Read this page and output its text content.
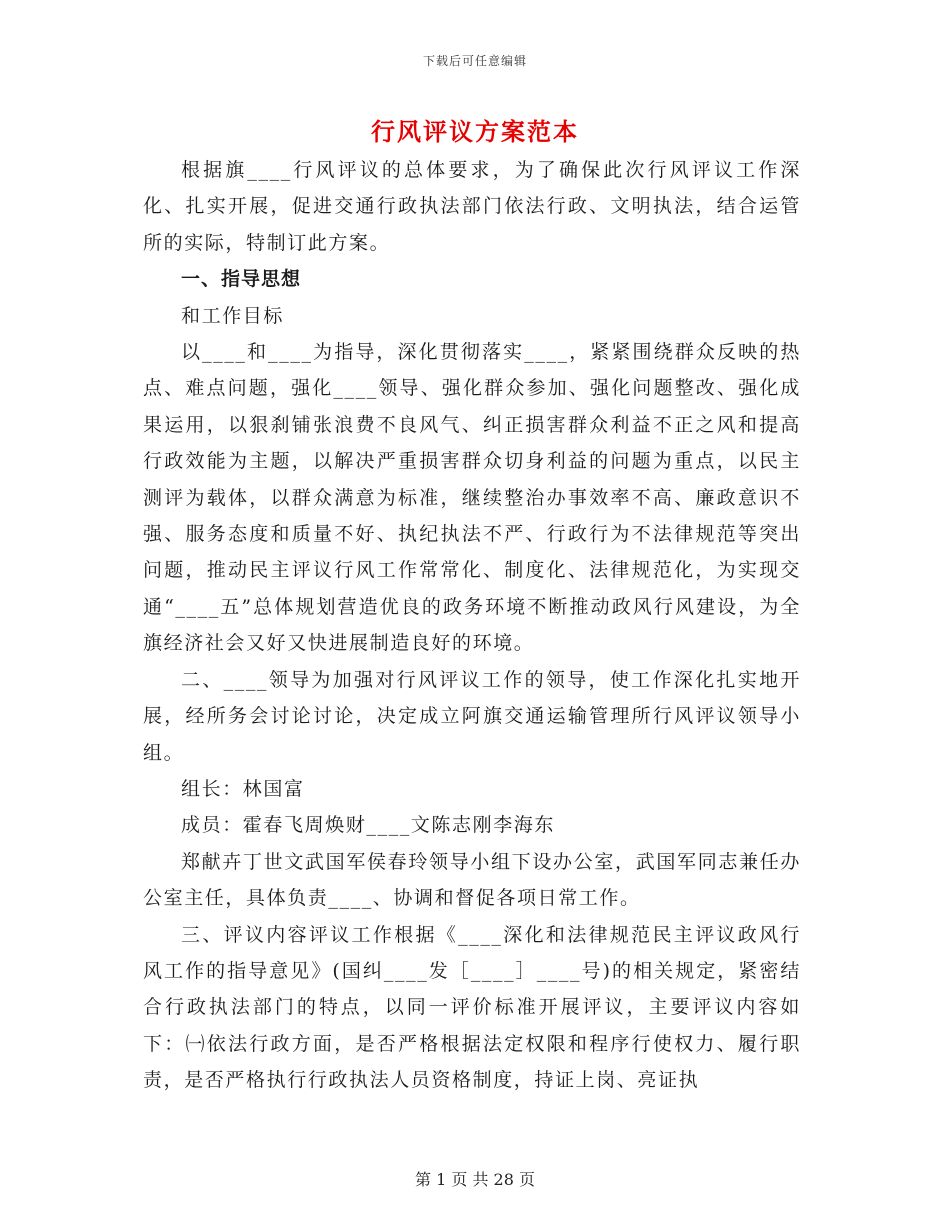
下载后可任意编辑
行风评议方案范本

根据旗____行风评议的总体要求，为了确保此次行风评议工作深化、扎实开展，促进交通行政执法部门依法行政、文明执法，结合运管所的实际，特制订此方案。

一、指导思想

和工作目标

以____和____为指导，深化贯彻落实____，紧紧围绕群众反映的热点、难点问题，强化____领导、强化群众参加、强化问题整改、强化成果运用，以狠刹铺张浪费不良风气、纠正损害群众利益不正之风和提高行政效能为主题，以解决严重损害群众切身利益的问题为重点，以民主测评为载体，以群众满意为标准，继续整治办事效率不高、廉政意识不强、服务态度和质量不好、执纪执法不严、行政行为不法律规范等突出问题，推动民主评议行风工作常常化、制度化、法律规范化，为实现交通“____五”总体规划营造优良的政务环境不断推动政风行风建设，为全旗经济社会又好又快进展制造良好的环境。

二、____领导为加强对行风评议工作的领导，使工作深化扎实地开展，经所务会讨论讨论，决定成立阿旗交通运输管理所行风评议领导小组。

组长：林国富

成员：霍春飞周焕财____文陈志刚李海东

郑献卉丁世文武国军侯春玲领导小组下设办公室，武国军同志兼任办公室主任，具体负责____、协调和督促各项日常工作。

三、评议内容评议工作根据《____深化和法律规范民主评议政风行风工作的指导意见》(国纠____发［____］____号)的相关规定，紧密结合行政执法部门的特点，以同一评价标准开展评议，主要评议内容如下：㈠依法行政方面，是否严格根据法定权限和程序行使权力、履行职责，是否严格执行行政执法人员资格制度，持证上岗、亮证执

第 1 页 共 28 页
